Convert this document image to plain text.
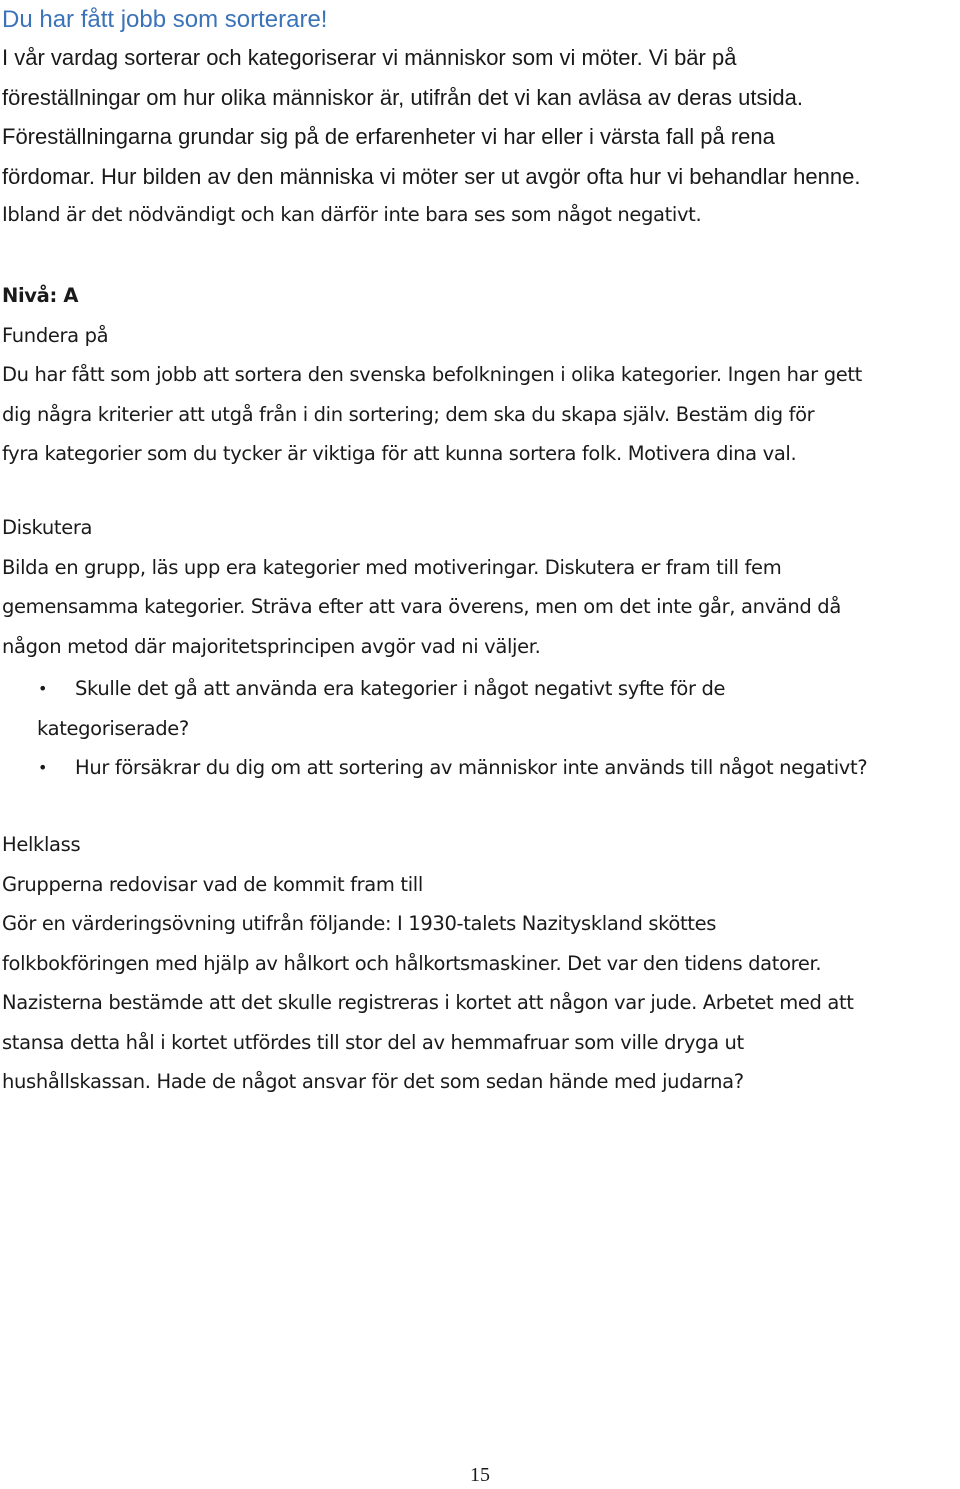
Du har fått jobb som sorterare!
I vår vardag sorterar och kategoriserar vi människor som vi möter. Vi bär på
föreställningar om hur olika människor är, utifrån det vi kan avläsa av deras utsida.
Föreställningarna grundar sig på de erfarenheter vi har eller i värsta fall på rena
fördomar. Hur bilden av den människa vi möter ser ut avgör ofta hur vi behandlar henne.
Ibland är det nödvändigt och kan därför inte bara ses som något negativt.
Nivå: A
Fundera på
Du har fått som jobb att sortera den svenska befolkningen i olika kategorier. Ingen har gett
dig några kriterier att utgå från i din sortering; dem ska du skapa själv. Bestäm dig för
fyra kategorier som du tycker är viktiga för att kunna sortera folk. Motivera dina val.
Diskutera
Bilda en grupp, läs upp era kategorier med motiveringar. Diskutera er fram till fem
gemensamma kategorier. Sträva efter att vara överens, men om det inte går, använd då
någon metod där majoritetsprincipen avgör vad ni väljer.
• Skulle det gå att använda era kategorier i något negativt syfte för de
kategoriserade?
• Hur försäkrar du dig om att sortering av människor inte används till något negativt?
Helklass
Grupperna redovisar vad de kommit fram till
Gör en värderingsövning utifrån följande: I 1930-talets Nazityskland sköttes
folkbokföringen med hjälp av hålkort och hålkortsmaskiner. Det var den tidens datorer.
Nazisterna bestämde att det skulle registreras i kortet att någon var jude. Arbetet med att
stansa detta hål i kortet utfördes till stor del av hemmafruar som ville dryga ut
hushållskassan. Hade de något ansvar för det som sedan hände med judarna?
15
